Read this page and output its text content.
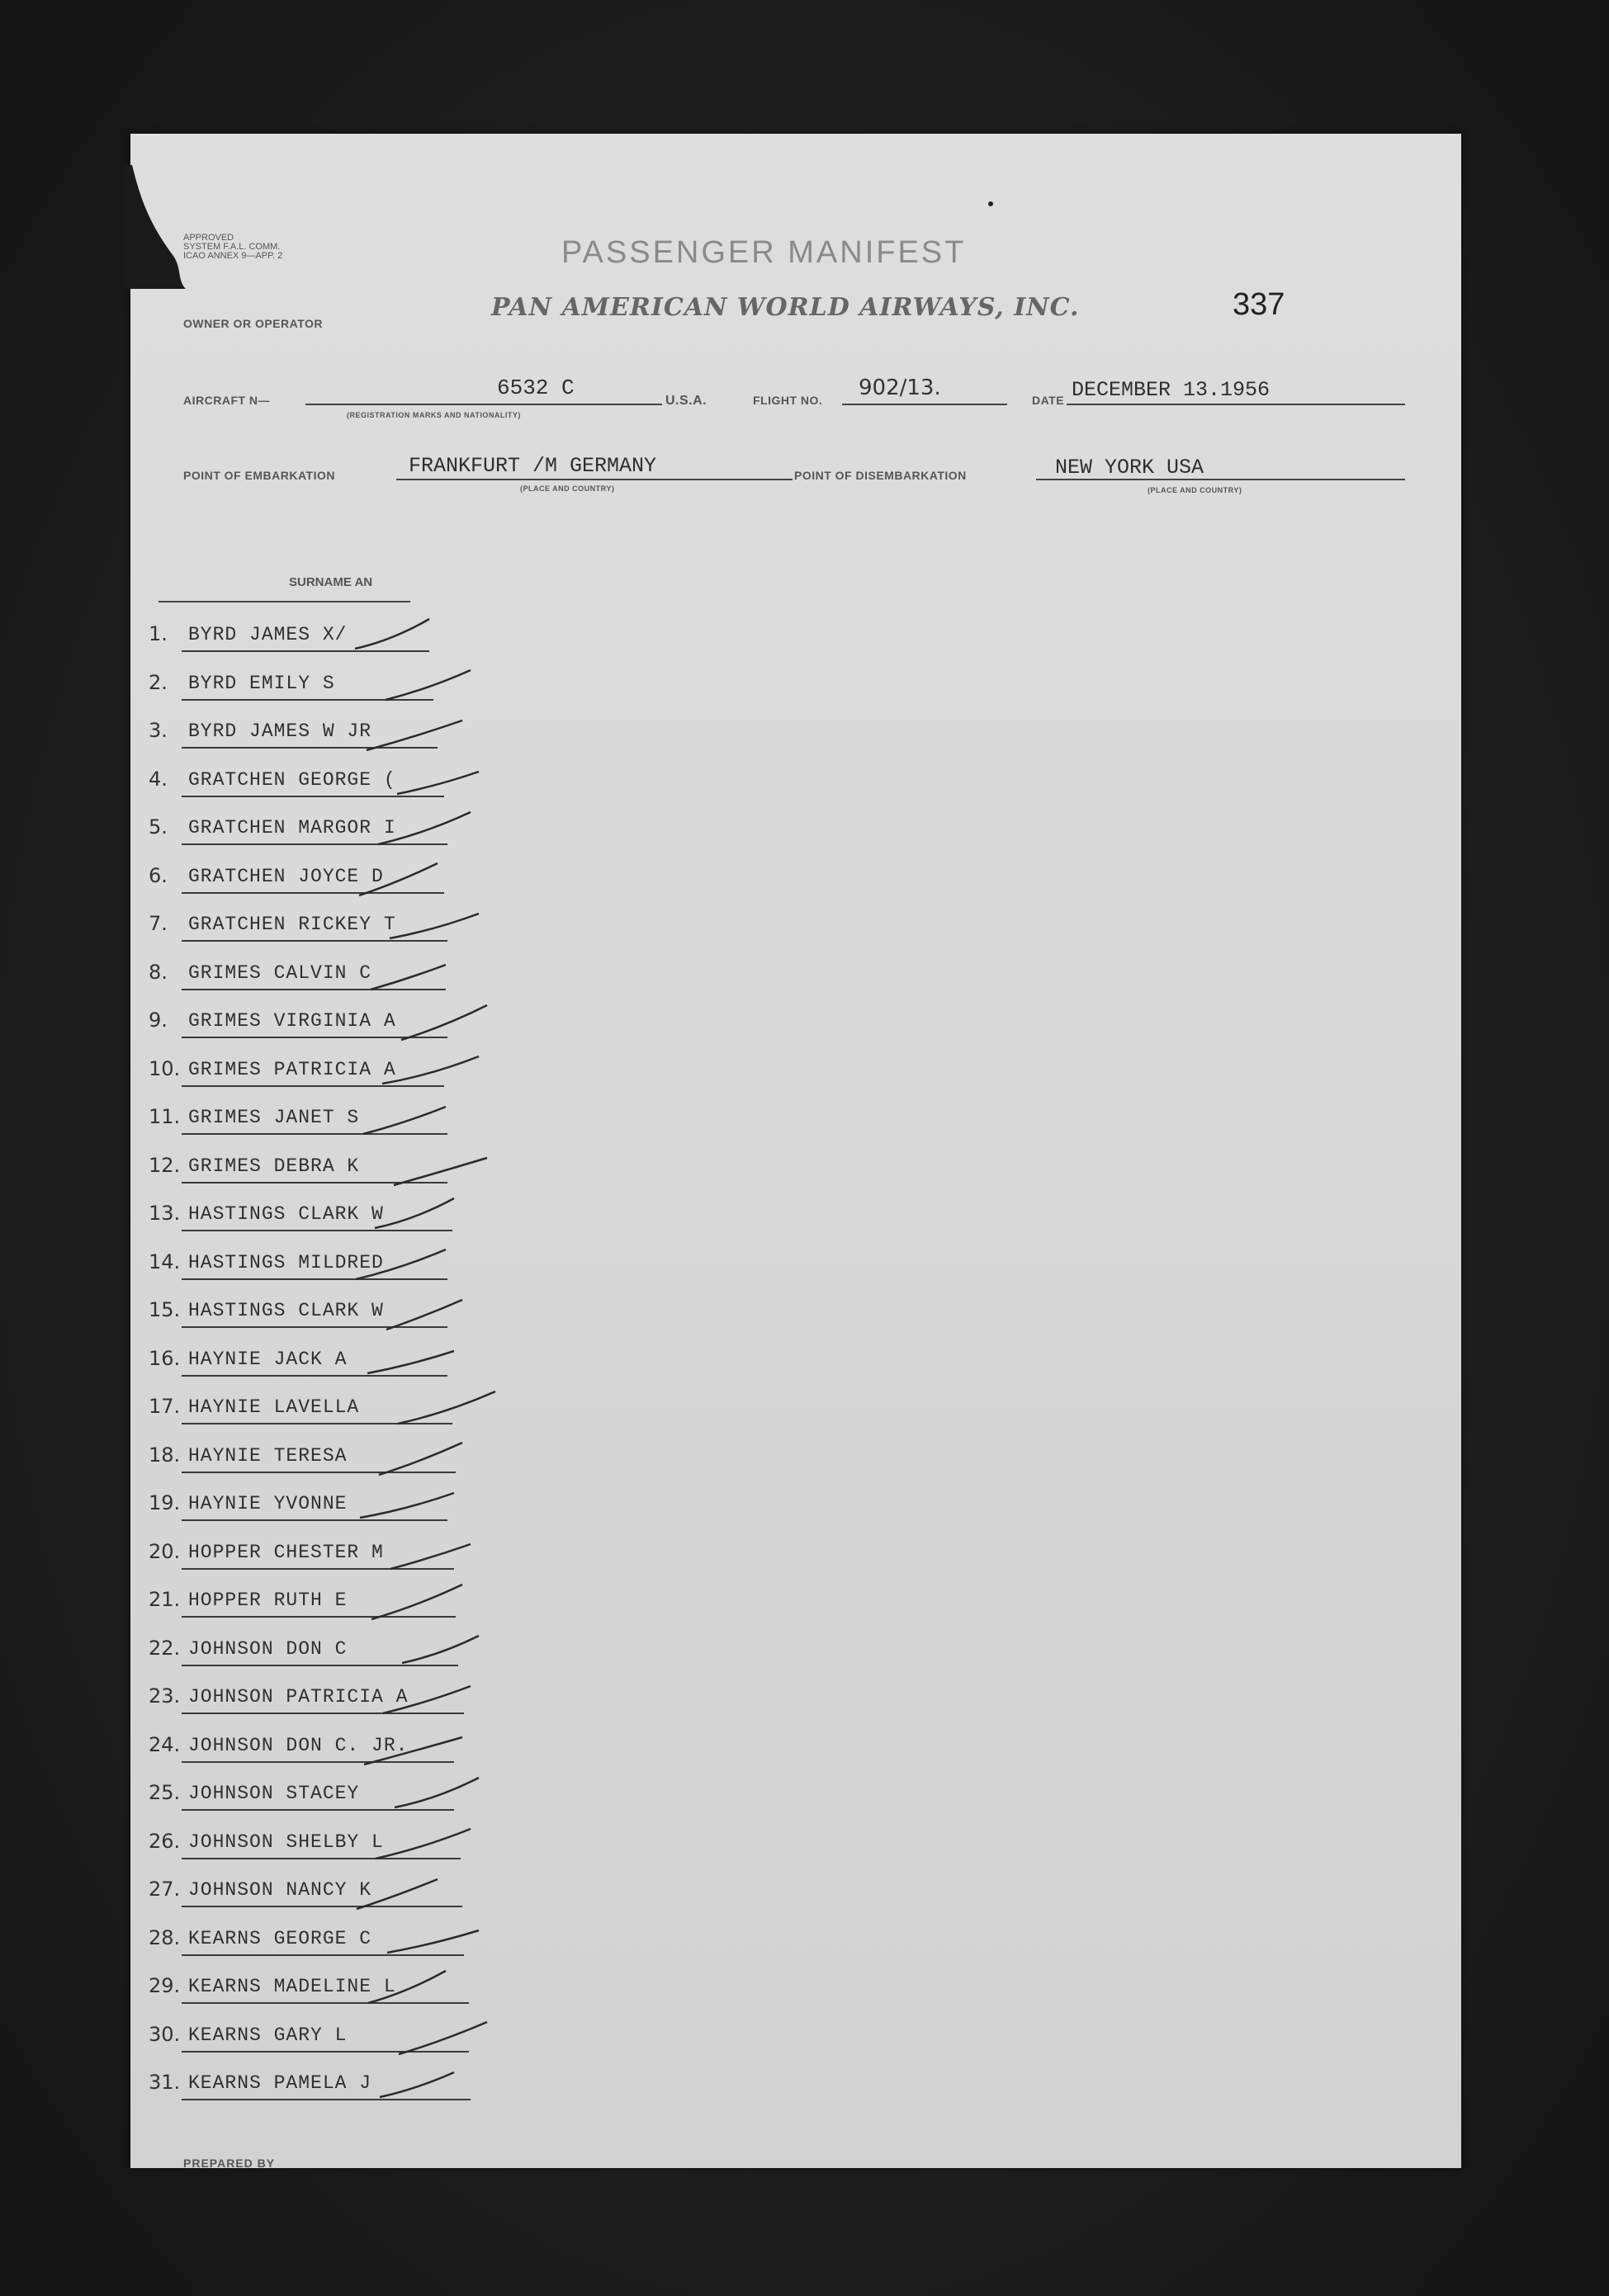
APPROVED
SYSTEM F.A.L. COMM.
ICAO ANNEX 9—APP. 2	PASSENGER MANIFEST
OWNER OR OPERATOR
PAN AMERICAN WORLD AIRWAYS, INC.	337
AIRCRAFT N—	6532 C
(REGISTRATION MARKS AND NATIONALITY)
U.S.A.	FLIGHT NO. 902/13.	DATE DECEMBER 13.1956
POINT OF EMBARKATION	FRANKFURT /M GERMANY
(PLACE AND COUNTRY)
POINT OF DISEMBARKATION	NEW YORK USA
(PLACE AND COUNTRY)
SURNAME AN
1. BYRD JAMES X/
2. BYRD EMILY S
3. BYRD JAMES W JR
4. GRATCHEN GEORGE (
5. GRATCHEN MARGOR I
6. GRATCHEN JOYCE D
7. GRATCHEN RICKEY T
8. GRIMES CALVIN C
9. GRIMES VIRGINIA A
10. GRIMES PATRICIA A
11. GRIMES JANET S
12. GRIMES DEBRA K
13. HASTINGS CLARK W
14. HASTINGS MILDRED
15. HASTINGS CLARK W
16. HAYNIE JACK A
17. HAYNIE LAVELLA
18. HAYNIE TERESA
19. HAYNIE YVONNE
20. HOPPER CHESTER M
21. HOPPER RUTH E
22. JOHNSON DON C
23. JOHNSON PATRICIA A
24. JOHNSON DON C. JR.
25. JOHNSON STACEY
26. JOHNSON SHELBY L
27. JOHNSON NANCY K
28. KEARNS GEORGE C
29. KEARNS MADELINE L
30. KEARNS GARY L
31. KEARNS PAMELA J
PREPARED BY
